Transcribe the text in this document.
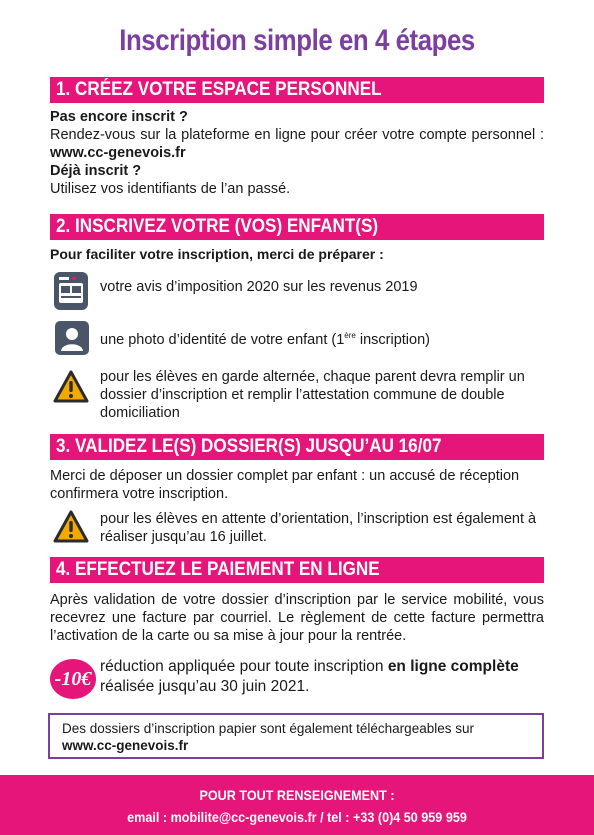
Inscription simple en 4 étapes
1. CRÉEZ VOTRE ESPACE PERSONNEL
Pas encore inscrit ?
Rendez-vous sur la plateforme en ligne pour créer votre compte personnel : www.cc-genevois.fr
Déjà inscrit ?
Utilisez vos identifiants de l’an passé.
2. INSCRIVEZ VOTRE (VOS) ENFANT(S)
Pour faciliter votre inscription, merci de préparer :
votre avis d’imposition 2020 sur les revenus 2019
une photo d’identité de votre enfant (1ère inscription)
pour les élèves en garde alternée, chaque parent devra remplir un dossier d’inscription et remplir l’attestation commune de double domiciliation
3. VALIDEZ LE(S) DOSSIER(S) JUSQU’AU 16/07
Merci de déposer un dossier complet par enfant : un accusé de réception confirmera votre inscription.
pour les élèves en attente d’orientation, l’inscription est également à réaliser jusqu’au 16 juillet.
4. EFFECTUEZ LE PAIEMENT EN LIGNE
Après validation de votre dossier d’inscription par le service mobilité, vous recevrez une facture par courriel. Le règlement de cette facture permettra l’activation de la carte ou sa mise à jour pour la rentrée.
-10€
réduction appliquée pour toute inscription en ligne complète réalisée jusqu’au 30 juin 2021.
Des dossiers d’inscription papier sont également téléchargeables sur www.cc-genevois.fr
POUR TOUT RENSEIGNEMENT :
email : mobilite@cc-genevois.fr / tel : +33 (0)4 50 959 959
